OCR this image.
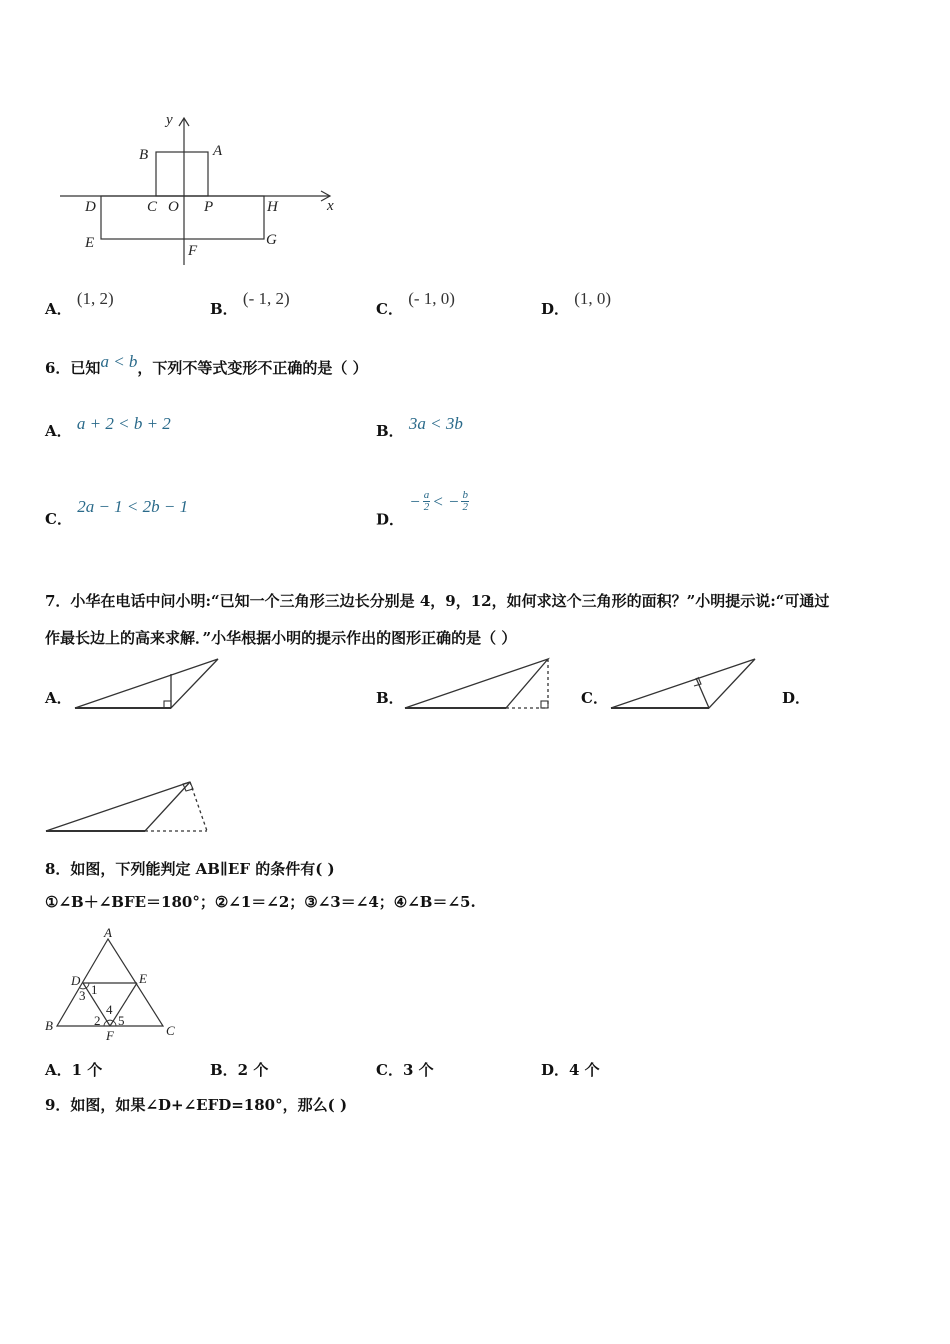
y
x
A
B
C O P
D	H
E	F
G
A． (1, 2)
B． (- 1, 2)
C． (- 1, 0)
D． (1, 0)
6．已知a < b，下列不等式变形不正确的是（ ）
A． a + 2 < b + 2	B． 3a < 3b
C． 2a − 1 < 2b − 1
D．
− $\frac{a}{2}$ < − $\frac{b}{2}$
7．小华在电话中问小明:“已知一个三角形三边长分别是 4，9，12，如何求这个三角形的面积？”小明提示说:“可通过
作最长边上的高来求解．”小华根据小明的提示作出的图形正确的是（ ）
A．	B．	C．	D．
8．如图，下列能判定 AB∥EF 的条件有( )
①∠B＋∠BFE＝180°；②∠1＝∠2；③∠3＝∠4；④∠B＝∠5.
A
B	C
D	E
F
1
2
3
4
5
A．1 个	B．2 个	C．3 个	D．4 个
9．如图，如果∠D+∠EFD=180°，那么( )
